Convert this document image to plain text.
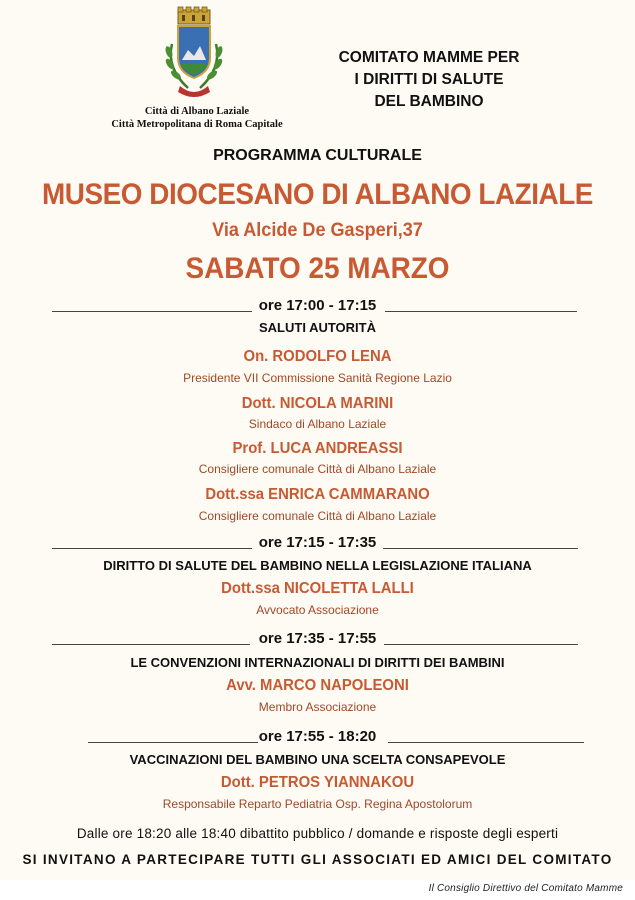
Città di Albano Laziale
Città Metropolitana di Roma Capitale
COMITATO MAMME PER
I DIRITTI DI SALUTE
DEL BAMBINO
PROGRAMMA CULTURALE
MUSEO DIOCESANO DI ALBANO LAZIALE
Via Alcide De Gasperi,37
SABATO 25 MARZO
ore 17:00 - 17:15
SALUTI AUTORITÀ
On. RODOLFO LENA
Presidente VII Commissione Sanità Regione Lazio
Dott. NICOLA MARINI
Sindaco di Albano Laziale
Prof. LUCA ANDREASSI
Consigliere comunale Città di Albano Laziale
Dott.ssa ENRICA CAMMARANO
Consigliere comunale Città di Albano Laziale
ore 17:15 - 17:35
DIRITTO DI SALUTE DEL BAMBINO NELLA LEGISLAZIONE ITALIANA
Dott.ssa NICOLETTA LALLI
Avvocato Associazione
ore 17:35 - 17:55
LE CONVENZIONI INTERNAZIONALI DI DIRITTI DEI BAMBINI
Avv. MARCO NAPOLEONI
Membro Associazione
ore 17:55 - 18:20
VACCINAZIONI DEL BAMBINO UNA SCELTA CONSAPEVOLE
Dott. PETROS YIANNAKOU
Responsabile Reparto Pediatria Osp. Regina Apostolorum
Dalle ore 18:20 alle 18:40 dibattito pubblico / domande e risposte degli esperti
SI INVITANO A PARTECIPARE TUTTI GLI ASSOCIATI ED AMICI DEL COMITATO
Il Consiglio Direttivo del Comitato Mamme
